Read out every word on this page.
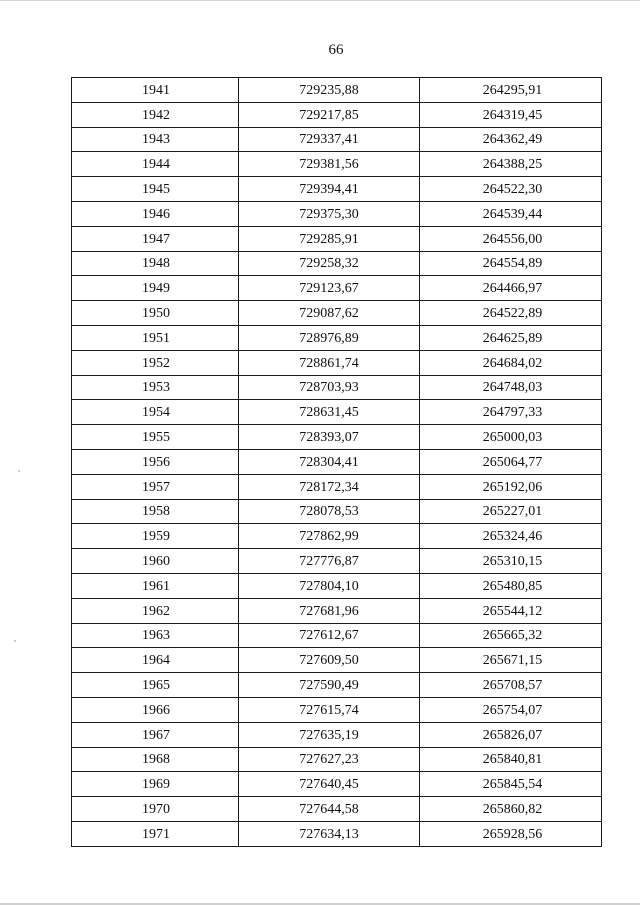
66
1941	729235,88	264295,91
1942	729217,85	264319,45
1943	729337,41	264362,49
1944	729381,56	264388,25
1945	729394,41	264522,30
1946	729375,30	264539,44
1947	729285,91	264556,00
1948	729258,32	264554,89
1949	729123,67	264466,97
1950	729087,62	264522,89
1951	728976,89	264625,89
1952	728861,74	264684,02
1953	728703,93	264748,03
1954	728631,45	264797,33
1955	728393,07	265000,03
1956	728304,41	265064,77
1957	728172,34	265192,06
1958	728078,53	265227,01
1959	727862,99	265324,46
1960	727776,87	265310,15
1961	727804,10	265480,85
1962	727681,96	265544,12
1963	727612,67	265665,32
1964	727609,50	265671,15
1965	727590,49	265708,57
1966	727615,74	265754,07
1967	727635,19	265826,07
1968	727627,23	265840,81
1969	727640,45	265845,54
1970	727644,58	265860,82
1971	727634,13	265928,56
